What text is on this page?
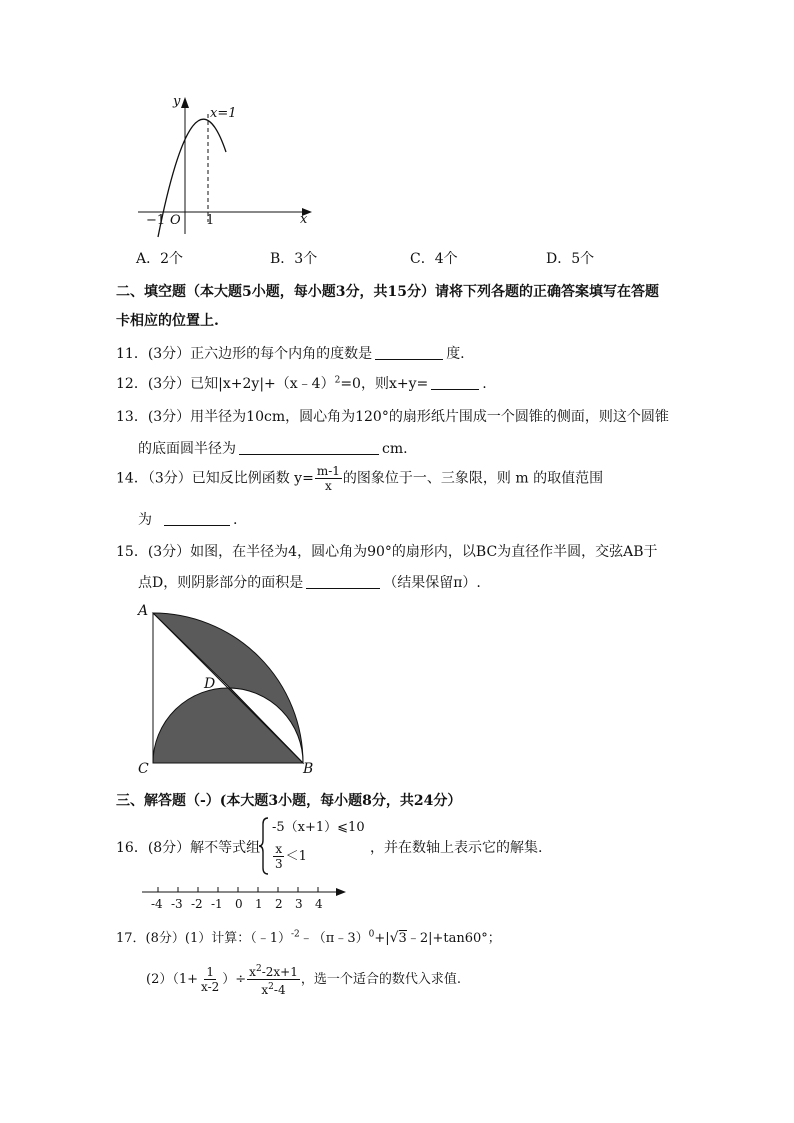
y
x=1
−1 O 1	x
A．2个	B．3个	C．4个	D．5个
二、填空题（本大题5小题，每小题3分，共15分）请将下列各题的正确答案填写在答题
卡相应的位置上.
11．(3分）正六边形的每个内角的度数是	度.
12．(3分）已知|x+2y|+（x﹣4）$^2$=0，则x+y=	.
13．(3分）用半径为10cm，圆心角为120°的扇形纸片围成一个圆锥的侧面，则这个圆锥
的底面圆半径为	cm.
14．（3分）已知反比例函数 $y= \frac{m-1}{x}$ 的图象位于一、三象限，则 m 的取值范围
为	.
15．(3分）如图，在半径为4，圆心角为90°的扇形内，以BC为直径作半圆，交弦AB于
点D，则阴影部分的面积是	（结果保留π）.
A
D
C	B
三、解答题（-）(本大题3小题，每小题8分，共24分）
16．(8分）解不等式组
-5（x+1）⩽10
$\frac{x}{3} <1$
，并在数轴上表示它的解集.
-4 -3 -2 -1 0 1 2 3 4
17．(8分）(1）计算：（﹣1）$^{-2}$﹣（π﹣3）$^0$+|√3﹣2|+tan60°；
$(2)(1+ \frac{1}{x-2}$ ）÷ $\frac{x^2-2x+1}{x^2-4}$ ，选一个适合的数代入求值.
